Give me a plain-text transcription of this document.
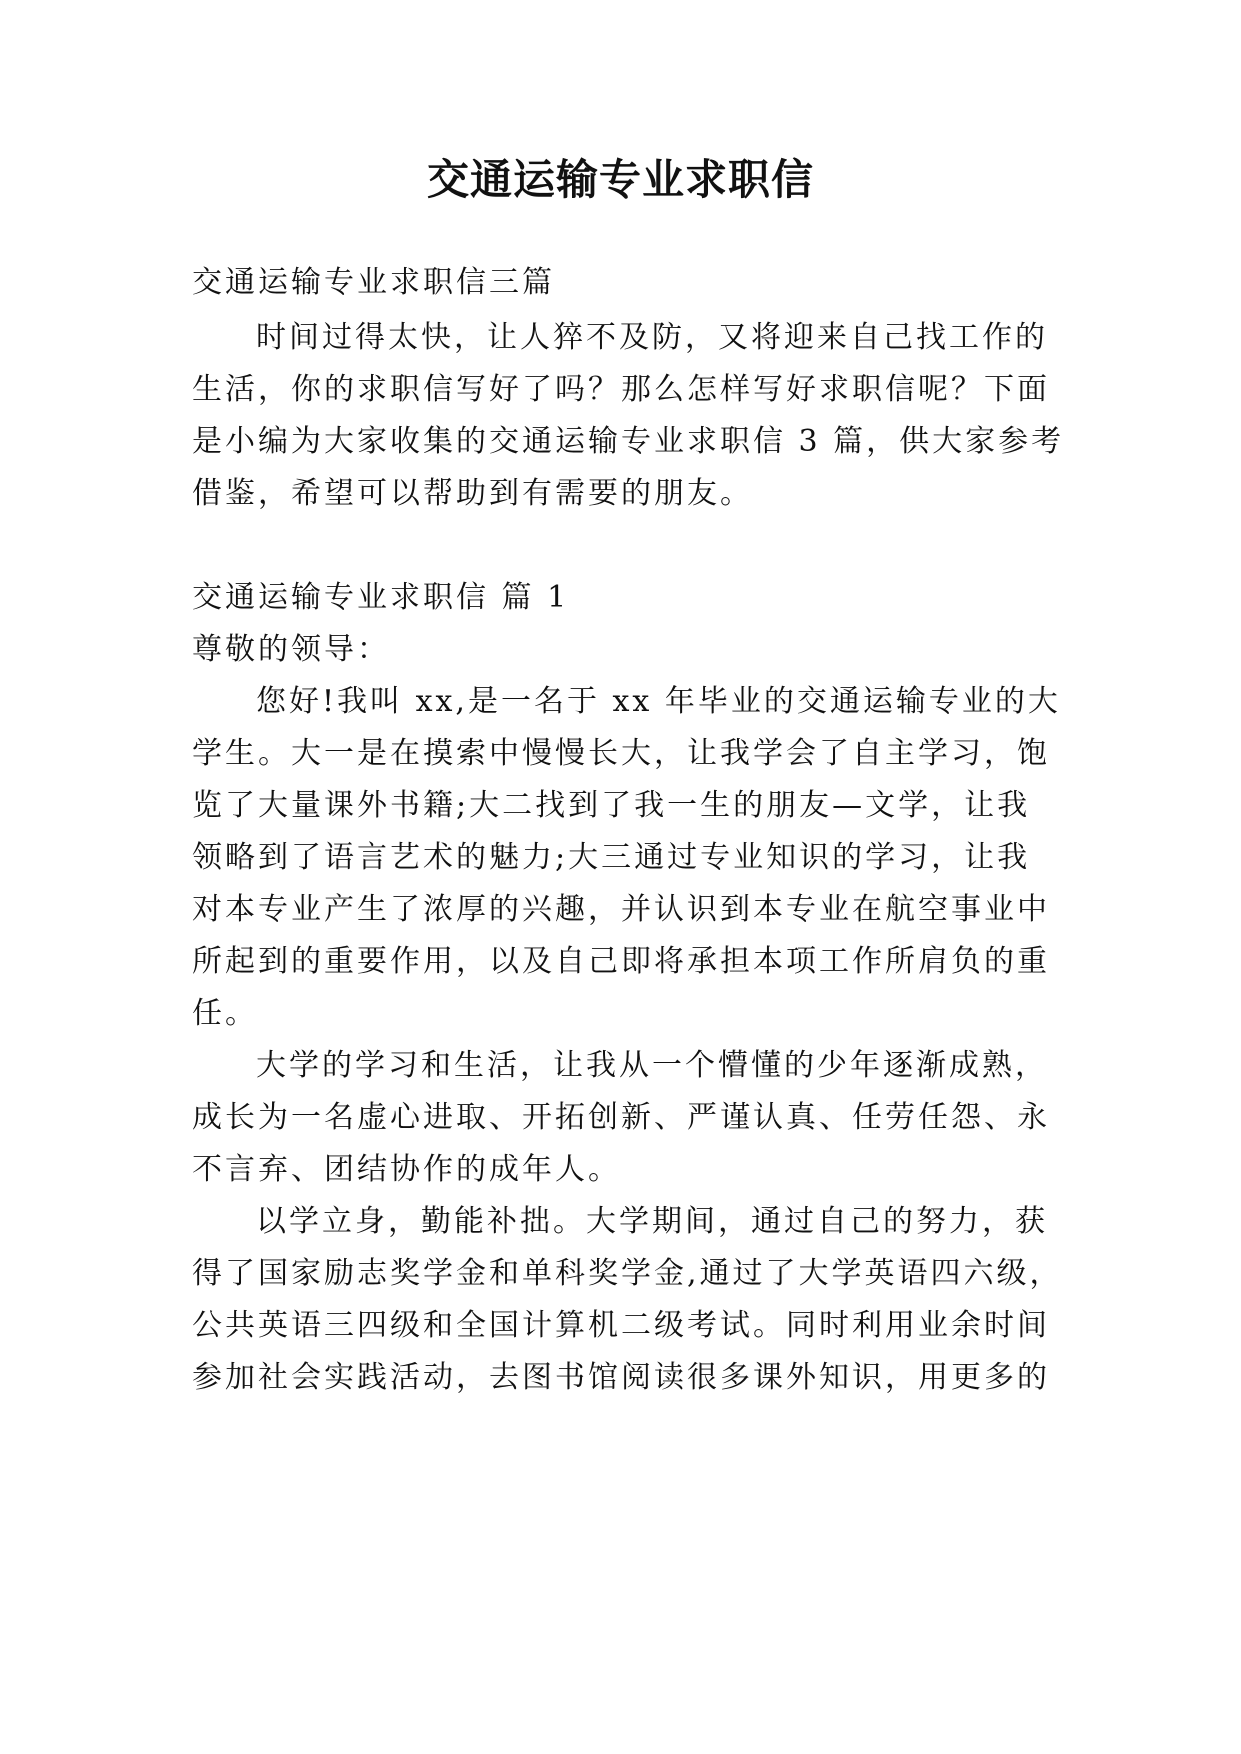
交通运输专业求职信

交通运输专业求职信三篇

时间过得太快，让人猝不及防，又将迎来自己找工作的

生活，你的求职信写好了吗？那么怎样写好求职信呢？下面

是小编为大家收集的交通运输专业求职信 3 篇，供大家参考

借鉴，希望可以帮助到有需要的朋友。

交通运输专业求职信 篇 1

尊敬的领导：

您好!我叫 xx,是一名于 xx 年毕业的交通运输专业的大

学生。大一是在摸索中慢慢长大，让我学会了自主学习，饱

览了大量课外书籍;大二找到了我一生的朋友—文学，让我

领略到了语言艺术的魅力;大三通过专业知识的学习，让我

对本专业产生了浓厚的兴趣，并认识到本专业在航空事业中

所起到的重要作用，以及自己即将承担本项工作所肩负的重

任。

大学的学习和生活，让我从一个懵懂的少年逐渐成熟，

成长为一名虚心进取、开拓创新、严谨认真、任劳任怨、永

不言弃、团结协作的成年人。

以学立身，勤能补拙。大学期间，通过自己的努力，获

得了国家励志奖学金和单科奖学金,通过了大学英语四六级，

公共英语三四级和全国计算机二级考试。同时利用业余时间

参加社会实践活动，去图书馆阅读很多课外知识，用更多的
